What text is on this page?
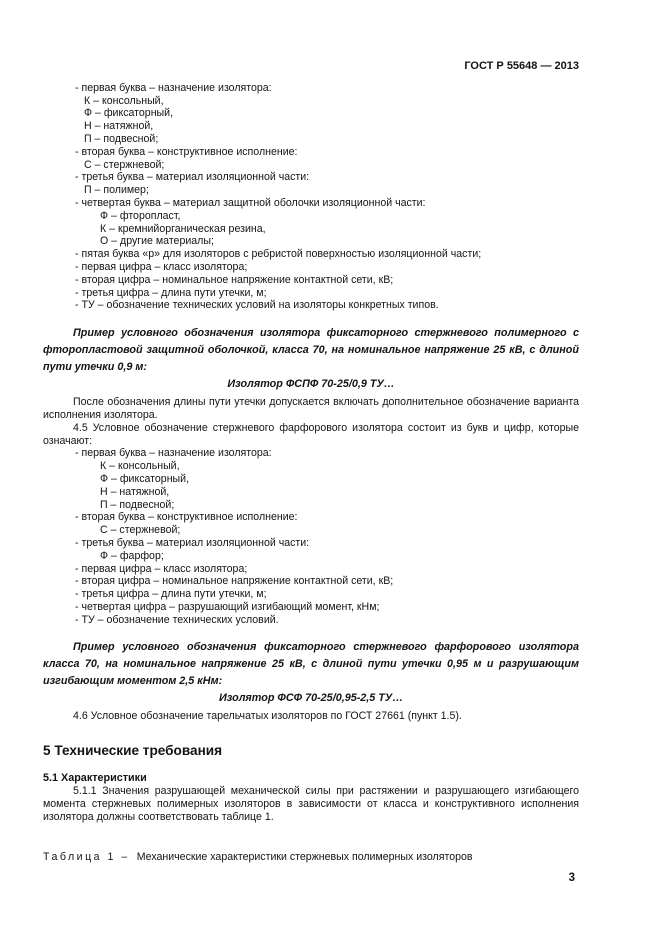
ГОСТ Р 55648 — 2013
- первая буква – назначение изолятора:
К – консольный,
Ф – фиксаторный,
Н – натяжной,
П – подвесной;
- вторая буква – конструктивное исполнение:
С – стержневой;
- третья буква – материал изоляционной части:
П – полимер;
- четвертая буква – материал защитной оболочки изоляционной части:
Ф – фторопласт,
К – кремнийорганическая резина,
О – другие материалы;
- пятая буква «р» для изоляторов с ребристой поверхностью изоляционной части;
- первая цифра – класс изолятора;
- вторая цифра – номинальное напряжение контактной сети, кВ;
- третья цифра – длина пути утечки, м;
- ТУ – обозначение технических условий на изоляторы конкретных типов.

Пример условного обозначения изолятора фиксаторного стержневого полимерного с фторопластовой защитной оболочкой, класса 70, на номинальное напряжение 25 кВ, с длиной пути утечки 0,9 м:

Изолятор ФСПФ 70-25/0,9 ТУ…

После обозначения длины пути утечки допускается включать дополнительное обозначение варианта исполнения изолятора.

4.5 Условное обозначение стержневого фарфорового изолятора состоит из букв и цифр, которые означают:

- первая буква – назначение изолятора:
К – консольный,
Ф – фиксаторный,
Н – натяжной,
П – подвесной;
- вторая буква – конструктивное исполнение:
С – стержневой;
- третья буква – материал изоляционной части:
Ф – фарфор;
- первая цифра – класс изолятора;
- вторая цифра – номинальное напряжение контактной сети, кВ;
- третья цифра – длина пути утечки, м;
- четвертая цифра – разрушающий изгибающий момент, кНм;
- ТУ – обозначение технических условий.

Пример условного обозначения фиксаторного стержневого фарфорового изолятора класса 70, на номинальное напряжение 25 кВ, с длиной пути утечки 0,95 м и разрушающим изгибающим моментом 2,5 кНм:

Изолятор ФСФ 70-25/0,95-2,5 ТУ…

4.6 Условное обозначение тарельчатых изоляторов по ГОСТ 27661 (пункт 1.5).

5 Технические требования
5.1 Характеристики

5.1.1 Значения разрушающей механической силы при растяжении и разрушающего изгибающего момента стержневых полимерных изоляторов в зависимости от класса и конструктивного исполнения изолятора должны соответствовать таблице 1.

Таблица 1 – Механические характеристики стержневых полимерных изоляторов
3
